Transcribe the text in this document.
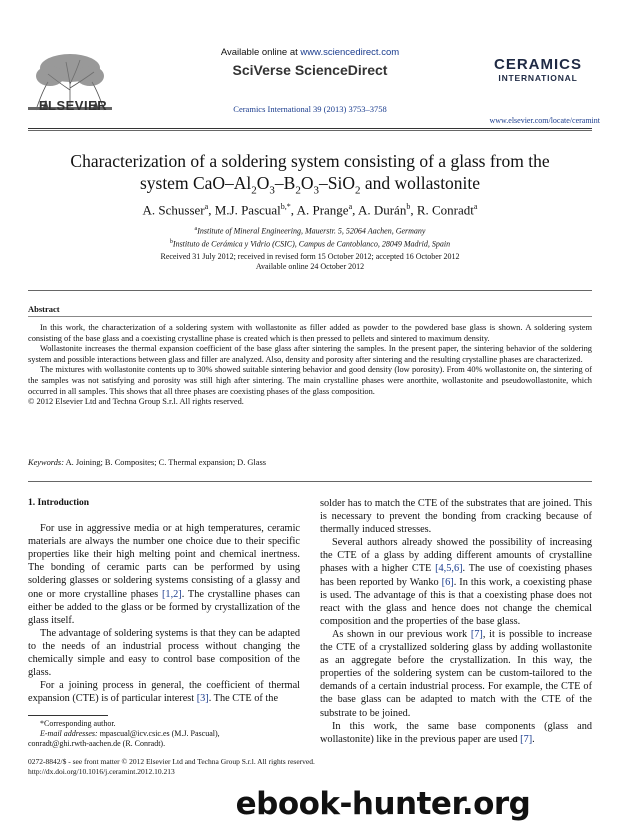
ELSEVIER
Available online at www.sciencedirect.com
SciVerse ScienceDirect
Ceramics International 39 (2013) 3753–3758
CERAMICS
INTERNATIONAL
www.elsevier.com/locate/ceramint
Characterization of a soldering system consisting of a glass from the
system CaO–$Al_2O_3-B_2O_3-SiO_2$ and wollastonite
A. Schusser$^a$, M.J. Pascual$^{b,*}$, A. Prange$^a$, A. Durán$^b$, R. Conradt$^a$
$^a$Institute of Mineral Engineering, Mauerstr. 5, 52064 Aachen, Germany
$^b$Instituto de Cerámica y Vidrio (CSIC), Campus de Cantoblanco, 28049 Madrid, Spain
Received 31 July 2012; received in revised form 15 October 2012; accepted 16 October 2012
Available online 24 October 2012
Abstract

In this work, the characterization of a soldering system with wollastonite as filler added as powder to the powdered base glass is shown. A soldering system consisting of the base glass and a coexisting crystalline phase is created which is then pressed to pellets and sintered to maximum density.

Wollastonite increases the thermal expansion coefficient of the base glass after sintering the samples. In the present paper, the sintering behavior of the soldering system and possible interactions between glass and filler are analyzed. Also, density and porosity after sintering and the resulting crystalline phases are characterized.

The mixtures with wollastonite contents up to 30% showed suitable sintering behavior and good density (low porosity). From 40% wollastonite on, the sintering of the samples was not satisfying and porosity was still high after sintering. The main crystalline phases were anorthite, wollastonite and pseudowollastonite, which occurred in all samples. This shows that all three phases are coexisting phases of the glass composition.

© 2012 Elsevier Ltd and Techna Group S.r.l. All rights reserved.

Keywords: A. Joining; B. Composites; C. Thermal expansion; D. Glass

1. Introduction

For use in aggressive media or at high temperatures, ceramic materials are always the number one choice due to their specific properties like their high melting point and chemical inertness. The bonding of ceramic parts can be performed by using soldering glasses or soldering systems consisting of a glassy and one or more crystalline phases [1,2]. The crystalline phases can either be added to the glass or be formed by crystallization of the glass itself.

The advantage of soldering systems is that they can be adapted to the needs of an industrial process without changing the chemically simple and easy to control base composition of the glass.

For a joining process in general, the coefficient of thermal expansion (CTE) is of particular interest [3]. The CTE of the

solder has to match the CTE of the substrates that are joined. This is necessary to prevent the bonding from cracking because of thermally induced stresses.

Several authors already showed the possibility of increasing the CTE of a glass by adding different amounts of crystalline phases with a higher CTE [4,5,6]. The use of coexisting phases has been reported by Wanko [6]. In this work, a coexisting phase is used. The advantage of this is that a coexisting phase does not react with the glass and hence does not change the chemical composition and the properties of the base glass.

As shown in our previous work [7], it is possible to increase the CTE of a crystallized soldering glass by adding wollastonite as an aggregate before the crystallization. In this way, the properties of the soldering system can be custom-tailored to the demands of a certain industrial process. For example, the CTE of the base glass can be adapted to match with the CTE of the substrate to be joined.

In this work, the same base components (glass and wollastonite) like in the previous paper are used [7].

*Corresponding author.
E-mail addresses: mpascual@icv.csic.es (M.J. Pascual),
conradt@ghi.rwth-aachen.de (R. Conradt).
0272-8842/$ - see front matter © 2012 Elsevier Ltd and Techna Group S.r.l. All rights reserved.
http://dx.doi.org/10.1016/j.ceramint.2012.10.213
ebook-hunter.org
